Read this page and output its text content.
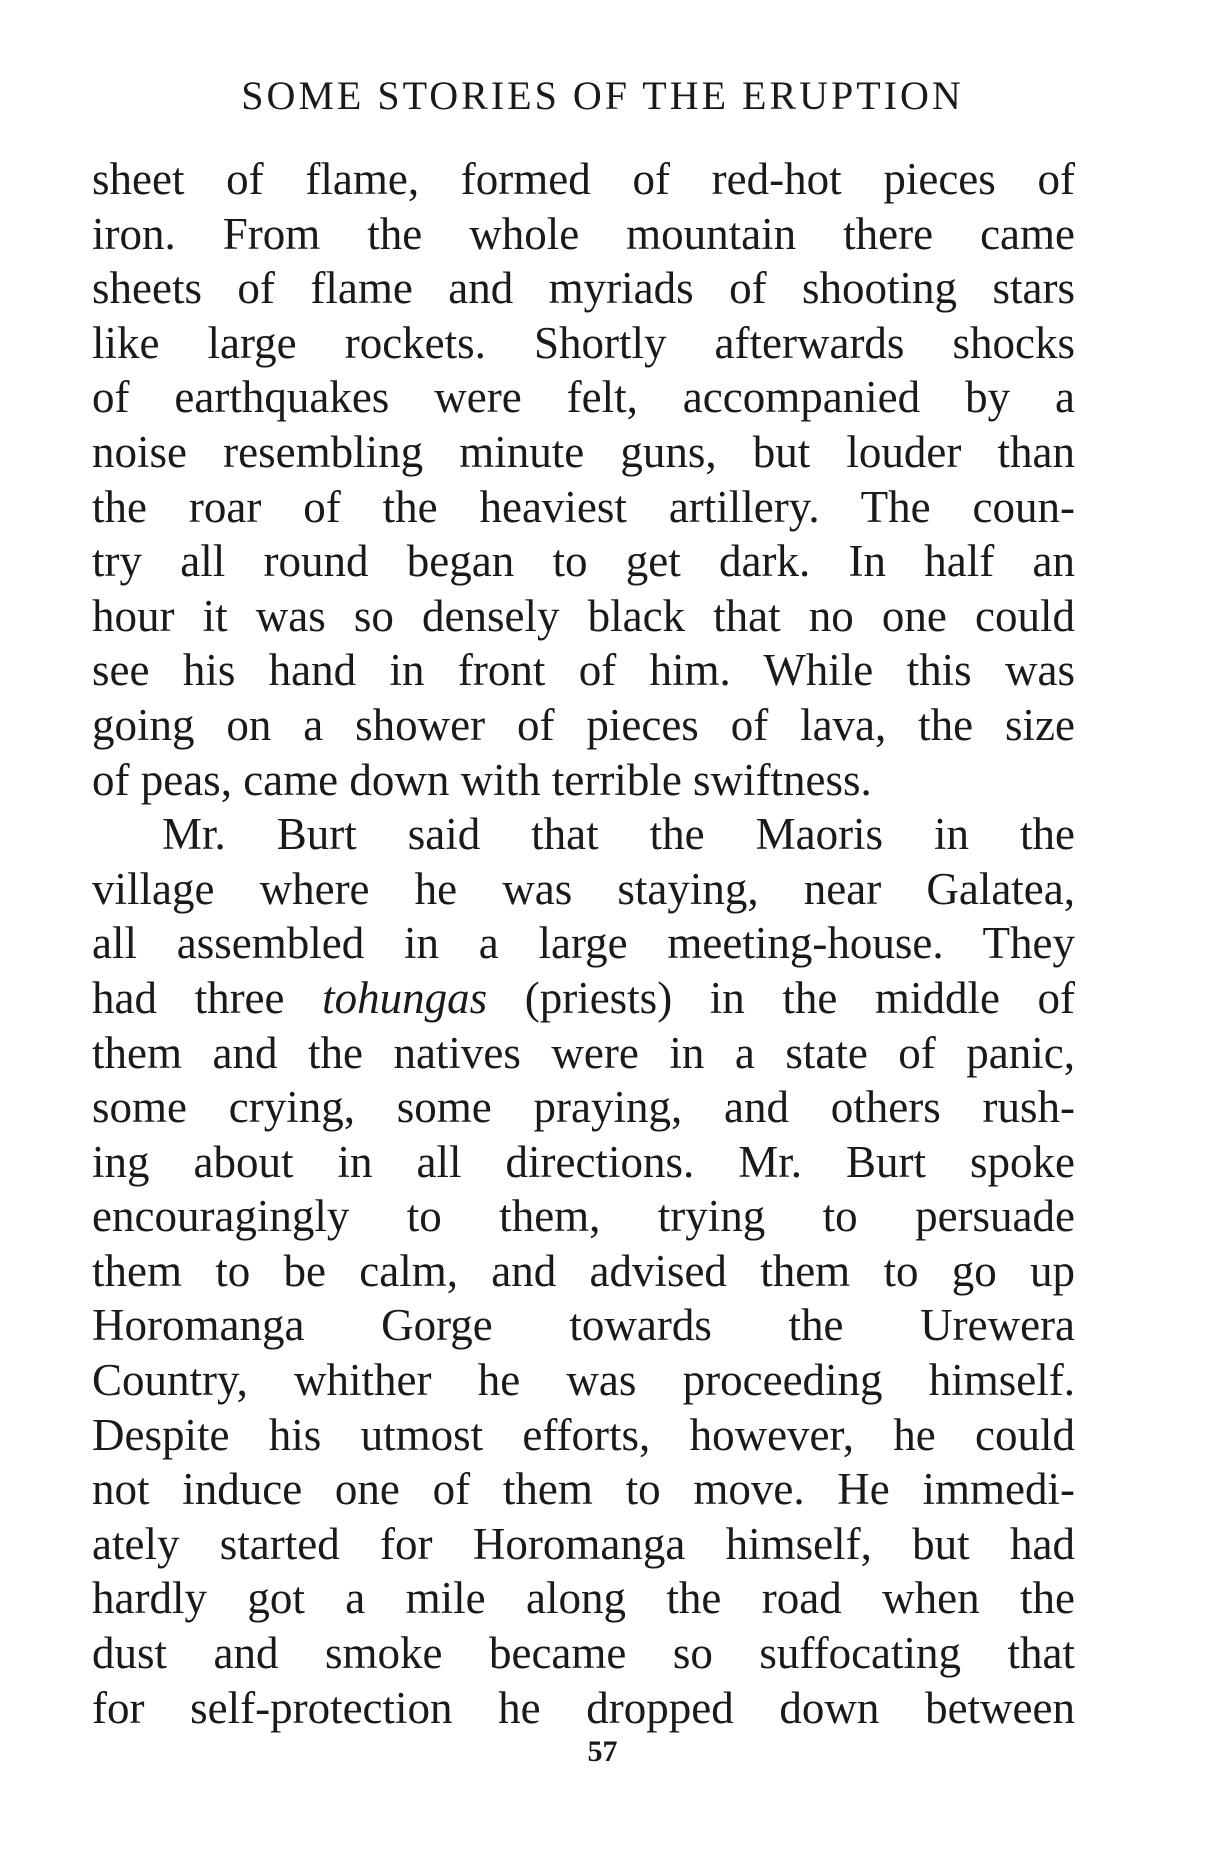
SOME STORIES OF THE ERUPTION
sheet of flame, formed of red-hot pieces of
iron. From the whole mountain there came
sheets of flame and myriads of shooting stars
like large rockets. Shortly afterwards shocks
of earthquakes were felt, accompanied by a
noise resembling minute guns, but louder than
the roar of the heaviest artillery. The coun-
try all round began to get dark. In half an
hour it was so densely black that no one could
see his hand in front of him. While this was
going on a shower of pieces of lava, the size
of peas, came down with terrible swiftness.
Mr. Burt said that the Maoris in the
village where he was staying, near Galatea,
all assembled in a large meeting-house. They
had three tohungas (priests) in the middle of
them and the natives were in a state of panic,
some crying, some praying, and others rush-
ing about in all directions. Mr. Burt spoke
encouragingly to them, trying to persuade
them to be calm, and advised them to go up
Horomanga Gorge towards the Urewera
Country, whither he was proceeding himself.
Despite his utmost efforts, however, he could
not induce one of them to move. He immedi-
ately started for Horomanga himself, but had
hardly got a mile along the road when the
dust and smoke became so suffocating that
for self-protection he dropped down between
57
